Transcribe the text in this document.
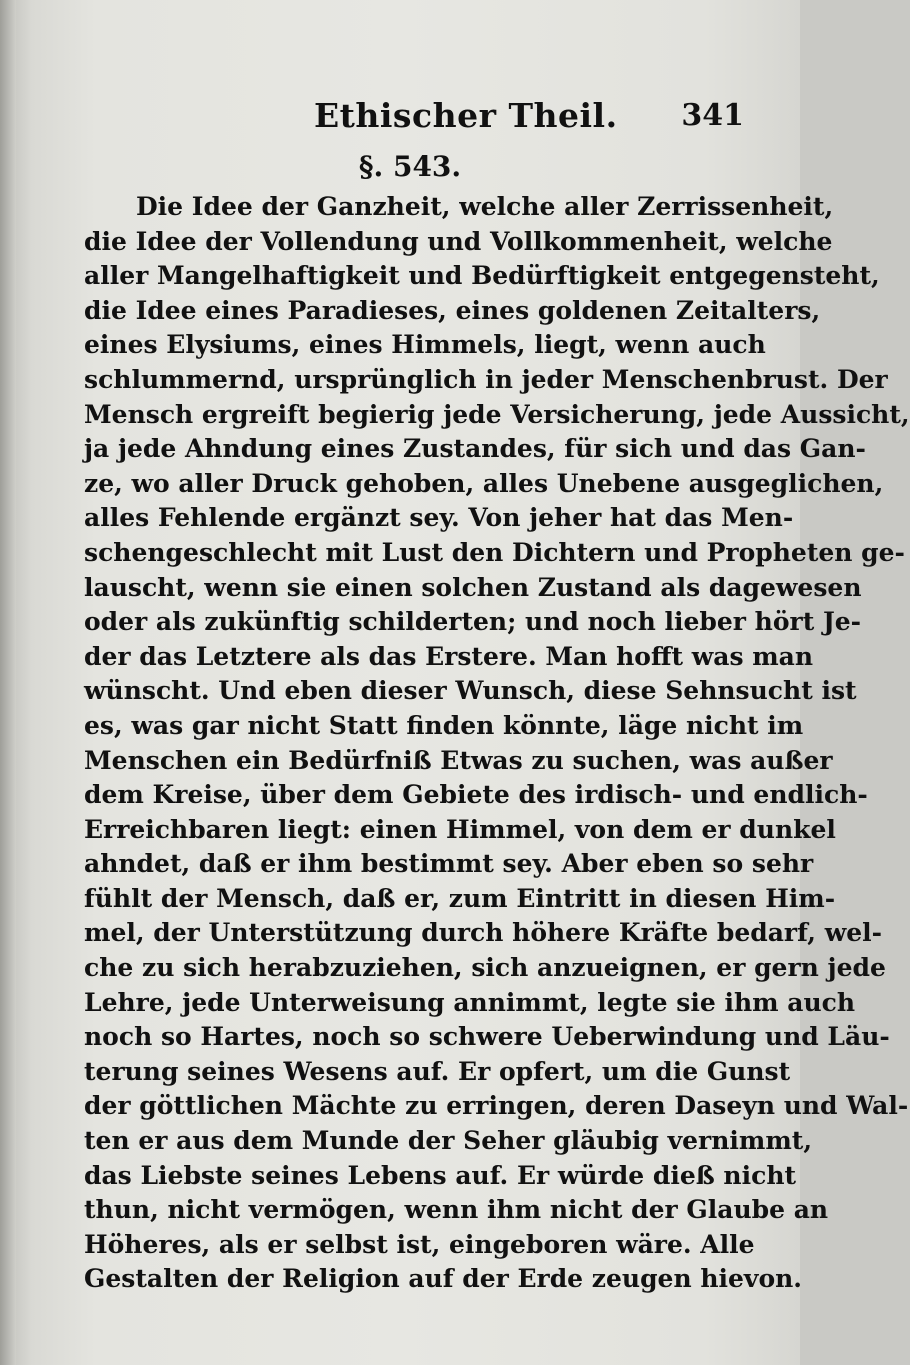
Ethischer Theil. 341
§. 543.
Die Idee der Ganzheit, welche aller Zerrissenheit,
die Idee der Vollendung und Vollkommenheit, welche
aller Mangelhaftigkeit und Bedürftigkeit entgegensteht,
die Idee eines Paradieses, eines goldenen Zeitalters,
eines Elysiums, eines Himmels, liegt, wenn auch
schlummernd, ursprünglich in jeder Menschenbrust. Der
Mensch ergreift begierig jede Versicherung, jede Aussicht,
ja jede Ahndung eines Zustandes, für sich und das Gan-
ze, wo aller Druck gehoben, alles Unebene ausgeglichen,
alles Fehlende ergänzt sey. Von jeher hat das Men-
schengeschlecht mit Lust den Dichtern und Propheten ge-
lauscht, wenn sie einen solchen Zustand als dagewesen
oder als zukünftig schilderten; und noch lieber hört Je-
der das Letztere als das Erstere. Man hofft was man
wünscht. Und eben dieser Wunsch, diese Sehnsucht ist
es, was gar nicht Statt finden könnte, läge nicht im
Menschen ein Bedürfniß Etwas zu suchen, was außer
dem Kreise, über dem Gebiete des irdisch- und endlich-
Erreichbaren liegt: einen Himmel, von dem er dunkel
ahndet, daß er ihm bestimmt sey. Aber eben so sehr
fühlt der Mensch, daß er, zum Eintritt in diesen Him-
mel, der Unterstützung durch höhere Kräfte bedarf, wel-
che zu sich herabzuziehen, sich anzueignen, er gern jede
Lehre, jede Unterweisung annimmt, legte sie ihm auch
noch so Hartes, noch so schwere Ueberwindung und Läu-
terung seines Wesens auf. Er opfert, um die Gunst
der göttlichen Mächte zu erringen, deren Daseyn und Wal-
ten er aus dem Munde der Seher gläubig vernimmt,
das Liebste seines Lebens auf. Er würde dieß nicht
thun, nicht vermögen, wenn ihm nicht der Glaube an
Höheres, als er selbst ist, eingeboren wäre. Alle
Gestalten der Religion auf der Erde zeugen hievon.
